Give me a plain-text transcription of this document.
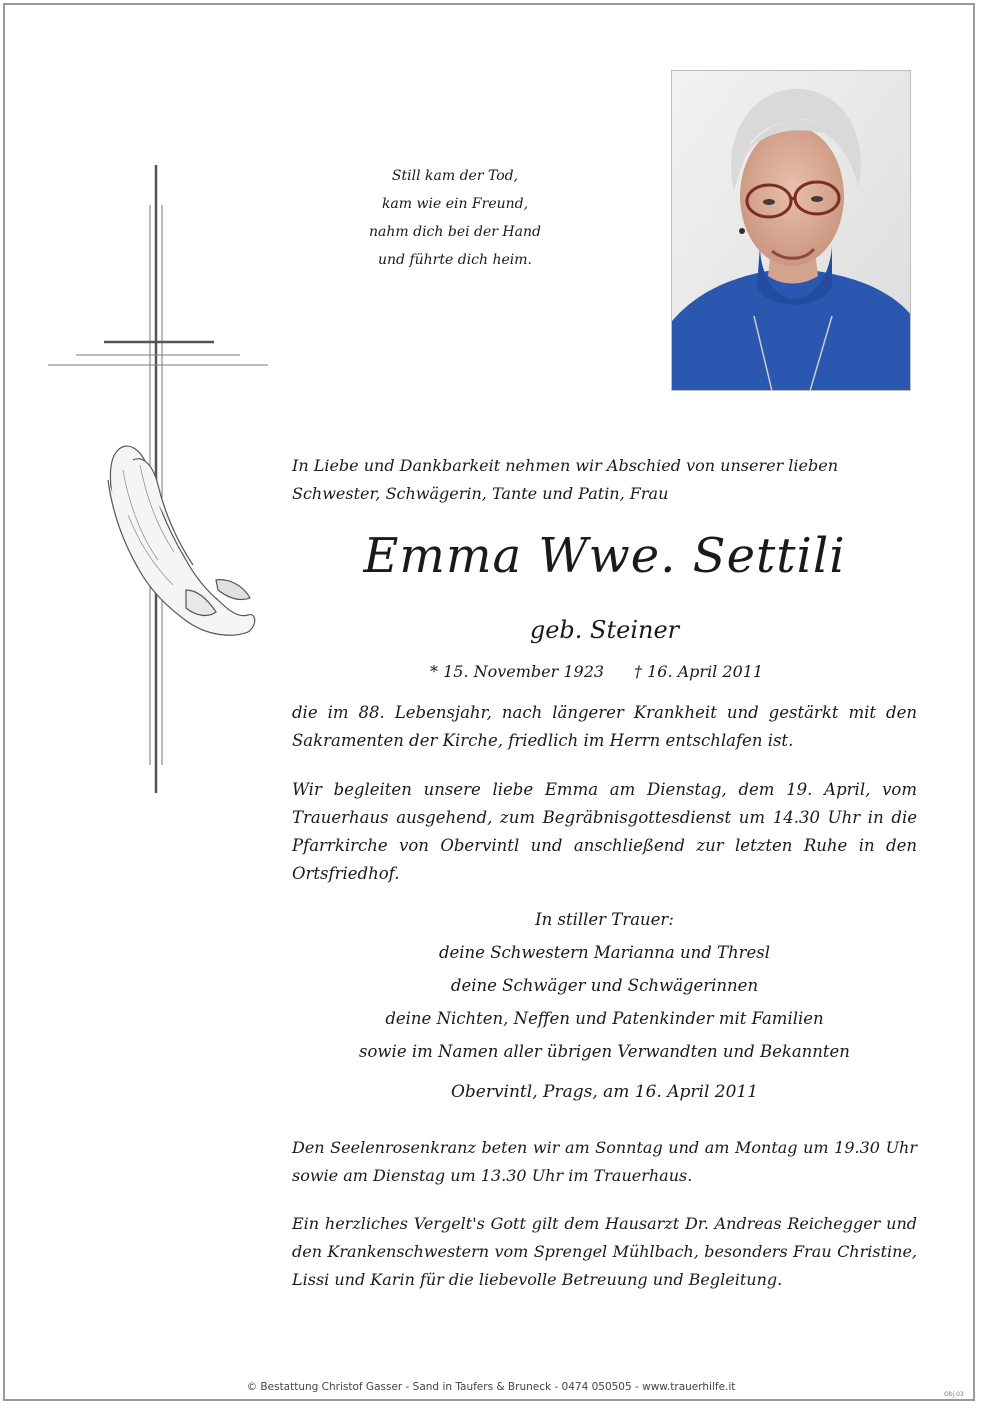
Still kam der Tod,
kam wie ein Freund,
nahm dich bei der Hand
und führte dich heim.
In Liebe und Dankbarkeit nehmen wir Abschied von unserer lieben Schwester, Schwägerin, Tante und Patin, Frau
Emma Wwe. Settili
geb. Steiner
* 15. November 1923 † 16. April 2011
die im 88. Lebensjahr, nach längerer Krankheit und gestärkt mit den Sakramenten der Kirche, friedlich im Herrn entschlafen ist.
Wir begleiten unsere liebe Emma am Dienstag, dem 19. April, vom Trauerhaus ausgehend, zum Begräbnisgottesdienst um 14.30 Uhr in die Pfarrkirche von Obervintl und anschließend zur letzten Ruhe in den Ortsfriedhof.
In stiller Trauer:
deine Schwestern Marianna und Thresl
deine Schwäger und Schwägerinnen
deine Nichten, Neffen und Patenkinder mit Familien
sowie im Namen aller übrigen Verwandten und Bekannten
Obervintl, Prags, am 16. April 2011
Den Seelenrosenkranz beten wir am Sonntag und am Montag um 19.30 Uhr sowie am Dienstag um 13.30 Uhr im Trauerhaus.
Ein herzliches Vergelt's Gott gilt dem Hausarzt Dr. Andreas Reichegger und den Krankenschwestern vom Sprengel Mühlbach, besonders Frau Christine, Lissi und Karin für die liebevolle Betreuung und Begleitung.
© Bestattung Christof Gasser - Sand in Taufers & Bruneck - 0474 050505 - www.trauerhilfe.it
Obj.03
